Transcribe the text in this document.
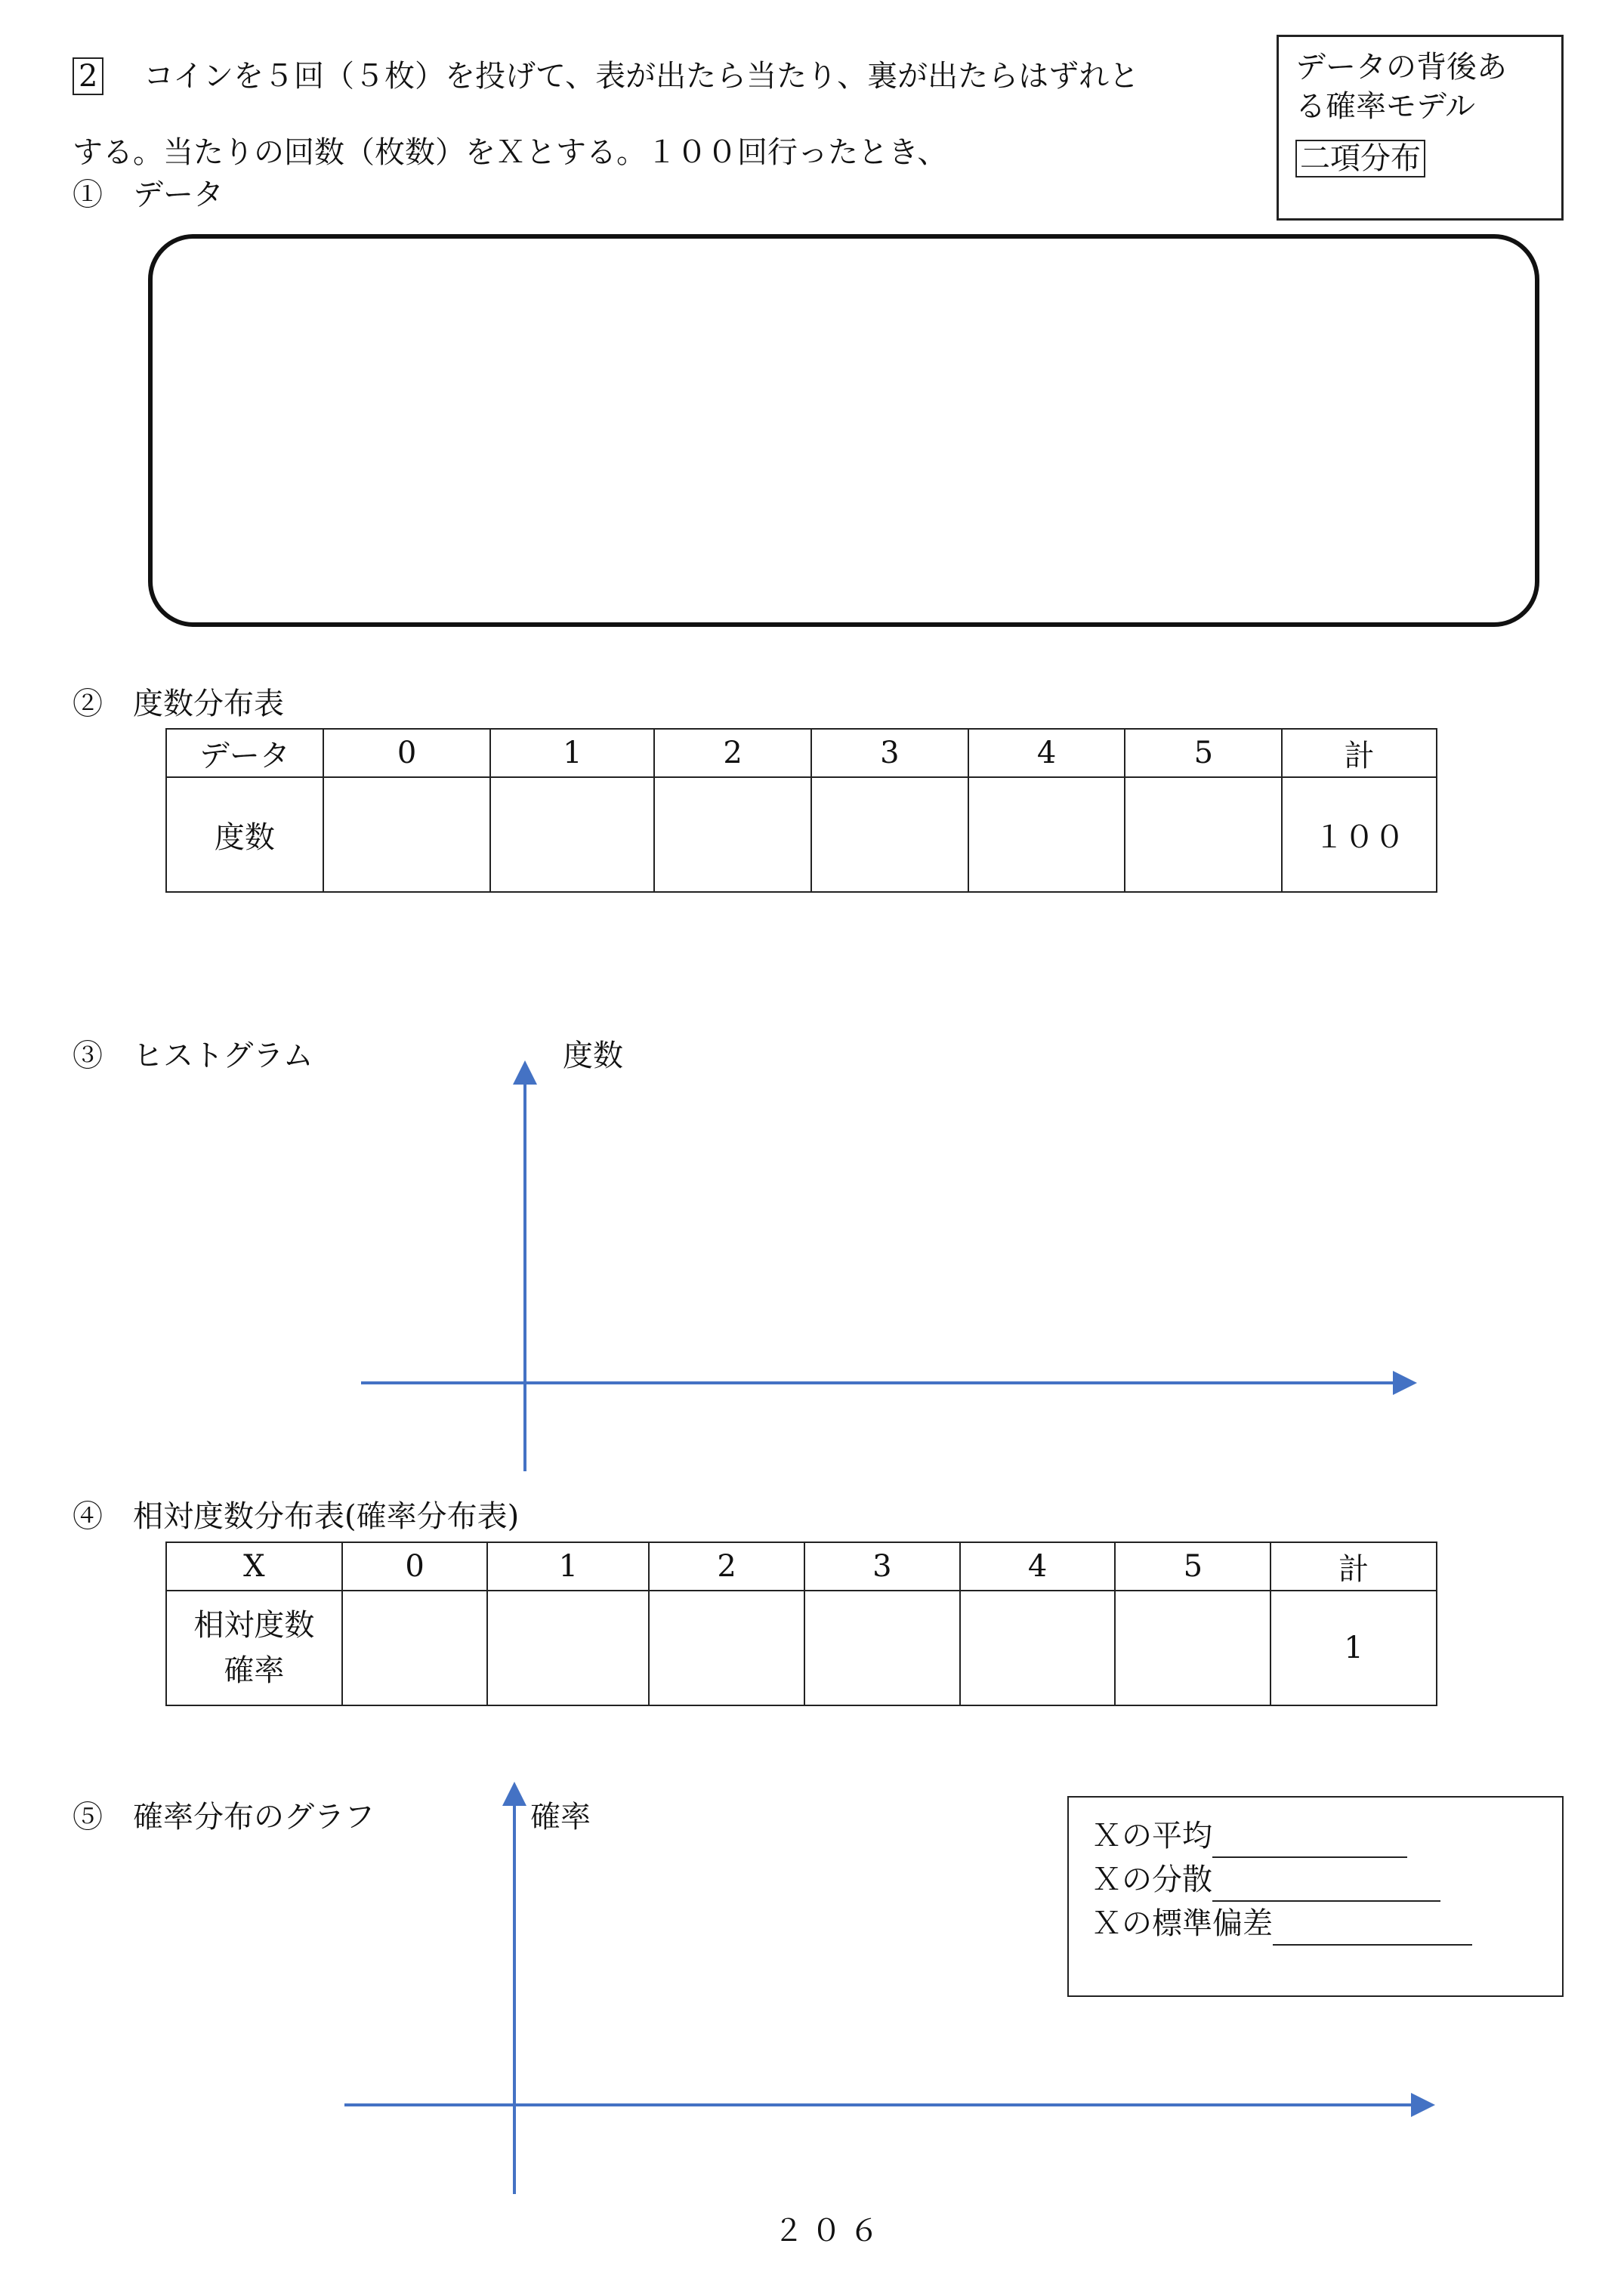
2 コインを５回（５枚）を投げて、表が出たら当たり、裏が出たらはずれと
する。当たりの回数（枚数）をＸとする。１００回行ったとき、
データの背後あ
る確率モデル
二項分布
①　データ
②　度数分布表
データ	0	1	2	3	4	5	計
度数							１００
③　ヒストグラム	度数
④　相対度数分布表(確率分布表)
X	0	1	2	3	4	5	計

相対度数
確率							1
⑤　確率分布のグラフ	確率
Ｘの平均
Ｘの分散
Ｘの標準偏差
２０６
